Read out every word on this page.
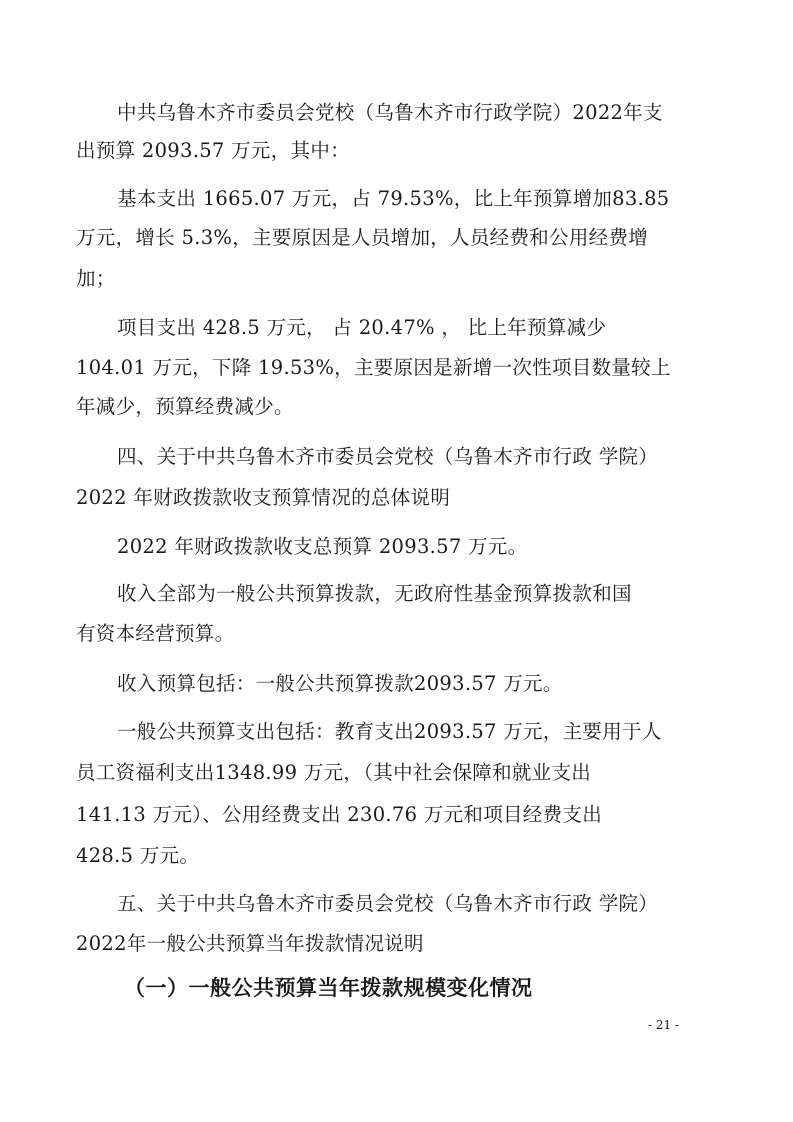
中共乌鲁木齐市委员会党校（乌鲁木齐市行政学院）2022年支
出预算 2093.57 万元，其中：
基本支出 1665.07 万元，占 79.53%，比上年预算增加83.85
万元，增长 5.3%，主要原因是人员增加，人员经费和公用经费增
加；
项目支出 428.5 万元， 占 20.47% ， 比上年预算减少
104.01 万元，下降 19.53%，主要原因是新增一次性项目数量较上
年减少，预算经费减少。
四、关于中共乌鲁木齐市委员会党校（乌鲁木齐市行政 学院）
2022 年财政拨款收支预算情况的总体说明
2022 年财政拨款收支总预算 2093.57 万元。
收入全部为一般公共预算拨款，无政府性基金预算拨款和国
有资本经营预算。
收入预算包括：一般公共预算拨款2093.57 万元。
一般公共预算支出包括：教育支出2093.57 万元，主要用于人
员工资福利支出1348.99 万元，（其中社会保障和就业支出
141.13 万元）、公用经费支出 230.76 万元和项目经费支出
428.5 万元。
五、关于中共乌鲁木齐市委员会党校（乌鲁木齐市行政 学院）
2022年一般公共预算当年拨款情况说明
（一）一般公共预算当年拨款规模变化情况
- 21 -
